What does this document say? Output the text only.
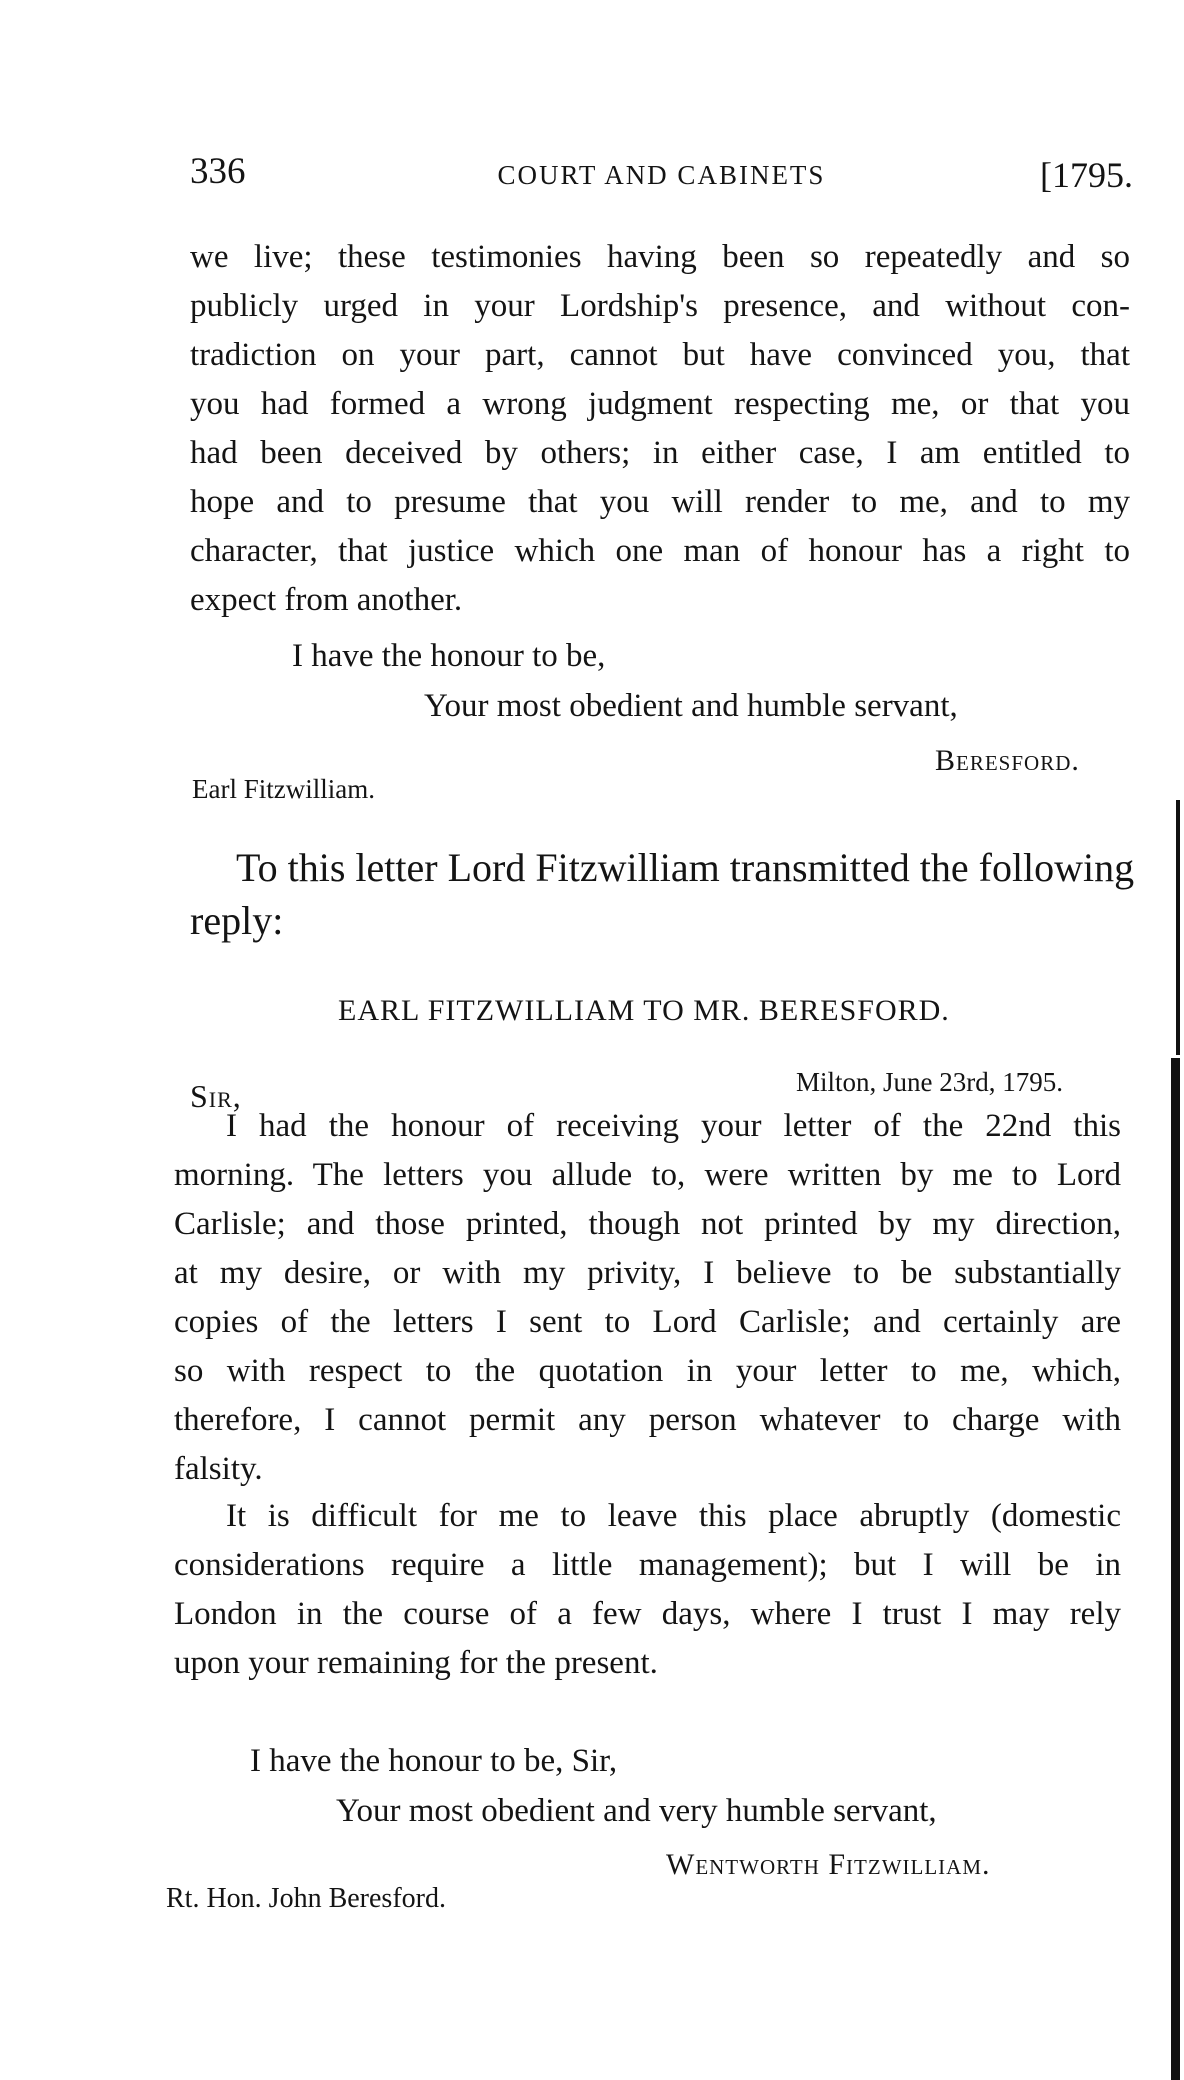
336	COURT AND CABINETS	[1795.
we live; these testimonies having been so repeatedly and so
publicly urged in your Lordship's presence, and without con-
tradiction on your part, cannot but have convinced you, that
you had formed a wrong judgment respecting me, or that you
had been deceived by others; in either case, I am entitled to
hope and to presume that you will render to me, and to my
character, that justice which one man of honour has a right to
expect from another.
I have the honour to be,
Your most obedient and humble servant,
Beresford.
Earl Fitzwilliam.
To this letter Lord Fitzwilliam transmitted the following
reply:
EARL FITZWILLIAM TO MR. BERESFORD.
Milton, June 23rd, 1795.
Sir,
I had the honour of receiving your letter of the 22nd this
morning. The letters you allude to, were written by me to Lord
Carlisle; and those printed, though not printed by my direction,
at my desire, or with my privity, I believe to be substantially
copies of the letters I sent to Lord Carlisle; and certainly are
so with respect to the quotation in your letter to me, which,
therefore, I cannot permit any person whatever to charge with
falsity.
It is difficult for me to leave this place abruptly (domestic
considerations require a little management); but I will be in
London in the course of a few days, where I trust I may rely
upon your remaining for the present.
I have the honour to be, Sir,
Your most obedient and very humble servant,
Wentworth Fitzwilliam.
Rt. Hon. John Beresford.
